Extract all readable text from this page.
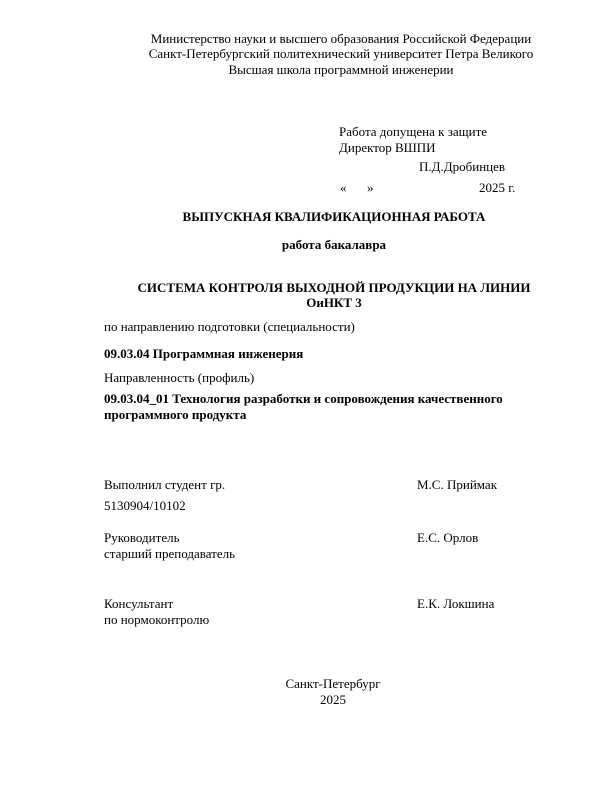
Министерство науки и высшего образования Российской Федерации
Санкт-Петербургский политехнический университет Петра Великого
Высшая школа программной инженерии
Работа допущена к защите
Директор ВШПИ
П.Д.Дробинцев
« »	2025 г.
ВЫПУСКНАЯ КВАЛИФИКАЦИОННАЯ РАБОТА
работа бакалавра
СИСТЕМА КОНТРОЛЯ ВЫХОДНОЙ ПРОДУКЦИИ НА ЛИНИИ
ОиНКТ 3
по направлению подготовки (специальности)
09.03.04 Программная инженерия
Направленность (профиль)
09.03.04_01 Технология разработки и сопровождения качественного
программного продукта
Выполнил студент гр.	М.С. Приймак
5130904/10102
Руководитель	Е.С. Орлов
старший преподаватель
Консультант	Е.К. Локшина
по нормоконтролю
Санкт-Петербург
2025
